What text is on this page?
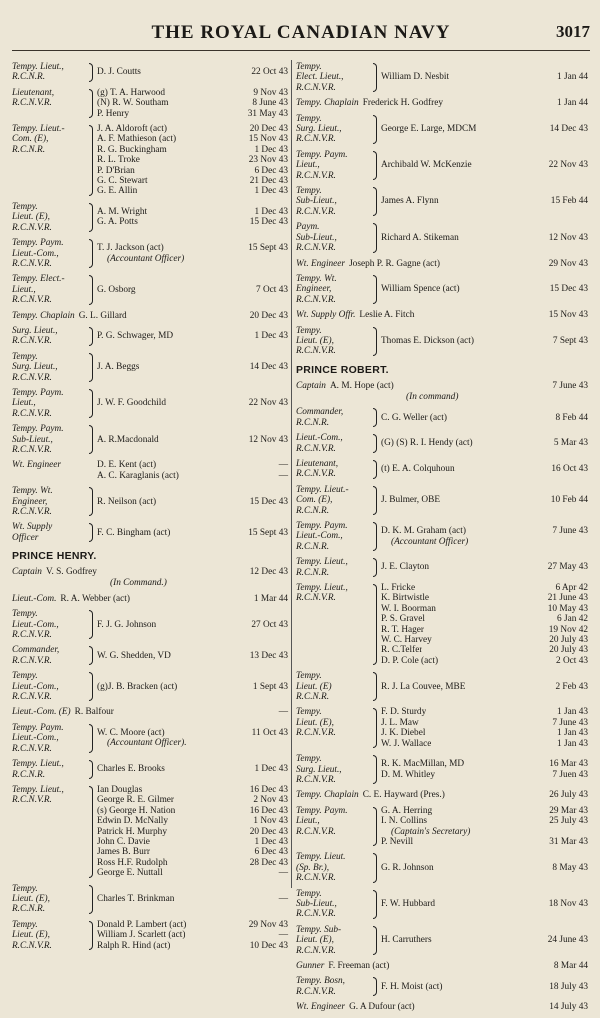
THE ROYAL CANADIAN NAVY	3017
Tempy. Lieut.,
R.C.N.R.
D. J. Coutts	22 Oct 43
Lieutenant,
R.C.N.V.R.
(g) T. A. Harwood	9 Nov 43
(N) R. W. Southam	8 June 43
P. Henry	31 May 43
Tempy. Lieut.-
Com. (E),
R.C.N.R.
J. A. Aldoroft (act)	20 Dec 43
A. F. Mathieson (act)	15 Nov 43
R. G. Buckingham	1 Dec 43
R. L. Troke	23 Nov 43
P. D'Brian	6 Dec 43
G. C. Stewart	21 Dec 43
G. E. Allin	1 Dec 43
Tempy.
Lieut. (E),
R.C.N.V.R.
A. M. Wright	1 Dec 43
G. A. Potts	15 Dec 43
Tempy. Paym.
Lieut.-Com.,
R.C.N.V.R.
T. J. Jackson (act)	15 Sept 43
(Accountant Officer)
Tempy. Elect.-
Lieut.,
R.C.N.V.R.
G. Osborg	7 Oct 43
Tempy. Chaplain G. L. Gillard	20 Dec 43
Surg. Lieut.,
R.C.N.V.R.
P. G. Schwager, MD	1 Dec 43
Tempy.
Surg. Lieut.,
R.C.N.V.R.
J. A. Beggs	14 Dec 43
Tempy. Paym.
Lieut.,
R.C.N.V.R.
J. W. F. Goodchild	22 Nov 43
Tempy. Paym.
Sub-Lieut.,
R.C.N.V.R.
A. R.Macdonald	12 Nov 43
Wt. Engineer	D. E. Kent (act)	—
A. C. Karaglanis (act)	—
Tempy. Wt.
Engineer,
R.C.N.V.R.
R. Neilson (act)	15 Dec 43
Wt. Supply
Officer
F. C. Bingham (act)	15 Sept 43
PRINCE HENRY.
Captain V. S. Godfrey	12 Dec 43
(In Command.)
Lieut.-Com. R. A. Webber (act)	1 Mar 44
Tempy.
Lieut.-Com.,
R.C.N.V.R.
F. J. G. Johnson	27 Oct 43
Commander,
R.C.N.V.R.
W. G. Shedden, VD	13 Dec 43
Tempy.
Lieut.-Com.,
R.C.N.V.R.
(g)J. B. Bracken (act)	1 Sept 43
Lieut.-Com. (E) R. Balfour	—
Tempy. Paym.
Lieut.-Com.,
R.C.N.V.R.
W. C. Moore (act)	11 Oct 43
(Accountant Officer).
Tempy. Lieut.,
R.C.N.R.
Charles E. Brooks	1 Dec 43
Tempy. Lieut.,
R.C.N.V.R.
Ian Douglas	16 Dec 43
George R. E. Gilmer	2 Nov 43
(s) George H. Nation	16 Dec 43
Edwin D. McNally	1 Nov 43
Patrick H. Murphy	20 Dec 43
John C. Davie	1 Dec 43
James B. Burr	6 Dec 43
Ross H.F. Rudolph	28 Dec 43
George E. Nuttall	—
Tempy.
Lieut. (E),
R.C.N.R.
Charles T. Brinkman	—
Tempy.
Lieut. (E),
R.C.N.V.R.
Donald P. Lambert (act)	29 Nov 43
William J. Scarlett (act)	—
Ralph R. Hind (act)	10 Dec 43
Tempy.
Elect. Lieut.,
R.C.N.V.R.
William D. Nesbit	1 Jan 44
Tempy. Chaplain Frederick H. Godfrey	1 Jan 44
Tempy.
Surg. Lieut.,
R.C.N.V.R.
George E. Large, MDCM	14 Dec 43
Tempy. Paym.
Lieut.,
R.C.N.V.R.
Archibald W. McKenzie	22 Nov 43
Tempy.
Sub-Lieut.,
R.C.N.V.R.
James A. Flynn	15 Feb 44
Paym.
Sub-Lieut.,
R.C.N.V.R.
Richard A. Stikeman	12 Nov 43
Wt. Engineer Joseph P. R. Gagne (act)	29 Nov 43
Tempy. Wt.
Engineer,
R.C.N.V.R.
William Spence (act)	15 Dec 43
Wt. Supply Offr. Leslie A. Fitch	15 Nov 43
Tempy.
Lieut. (E),
R.C.N.V.R.
Thomas E. Dickson (act)	7 Sept 43
PRINCE ROBERT.
Captain A. M. Hope (act)	7 June 43
(In command)
Commander,
R.C.N.R.
C. G. Weller (act)	8 Feb 44
Lieut.-Com.,
R.C.N.V.R.
(G) (S) R. I. Hendy (act)	5 Mar 43
Lieutenant,
R.C.N.V.R.
(t) E. A. Colquhoun	16 Oct 43
Tempy. Lieut.-
Com. (E),
R.C.N.R.
J. Bulmer, OBE	10 Feb 44
Tempy. Paym.
Lieut.-Com.,
R.C.N.R.
D. K. M. Graham (act)	7 June 43
(Accountant Officer)
Tempy. Lieut.,
R.C.N.R.
J. E. Clayton	27 May 43
Tempy. Lieut.,
R.C.N.V.R.
L. Fricke	6 Apr 42
K. Birtwistle	21 June 43
W. I. Boorman	10 May 43
P. S. Gravel	6 Jan 42
R. T. Hager	19 Nov 42
W. C. Harvey	20 July 43
R. C.Telfer	20 July 43
D. P. Cole (act)	2 Oct 43
Tempy.
Lieut. (E)
R.C.N.R.
R. J. La Couvee, MBE	2 Feb 43
Tempy.
Lieut. (E),
R.C.N.V.R.
F. D. Sturdy	1 Jan 43
J. L. Maw	7 June 43
J. K. Diebel	1 Jan 43
W. J. Wallace	1 Jan 43
Tempy.
Surg. Lieut.,
R.C.N.V.R.
R. K. MacMillan, MD	16 Mar 43
D. M. Whitley	7 Juen 43
Tempy. Chaplain C. E. Hayward (Pres.)	26 July 43
Tempy. Paym.
Lieut.,
R.C.N.V.R.
G. A. Herring	29 Mar 43
I. N. Collins	25 July 43
(Captain's Secretary)
P. Nevill	31 Mar 43
Tempy. Lieut.
(Sp. Br.),
R.C.N.V.R.
G. R. Johnson	8 May 43
Tempy.
Sub-Lieut.,
R.C.N.V.R.
F. W. Hubbard	18 Nov 43
Tempy. Sub-
Lieut. (E),
R.C.N.V.R.
H. Carruthers	24 June 43
Gunner F. Freeman (act)	8 Mar 44
Tempy. Bosn,
R.C.N.V.R.
F. H. Moist (act)	18 July 43
Wt. Engineer G. A Dufour (act)	14 July 43
